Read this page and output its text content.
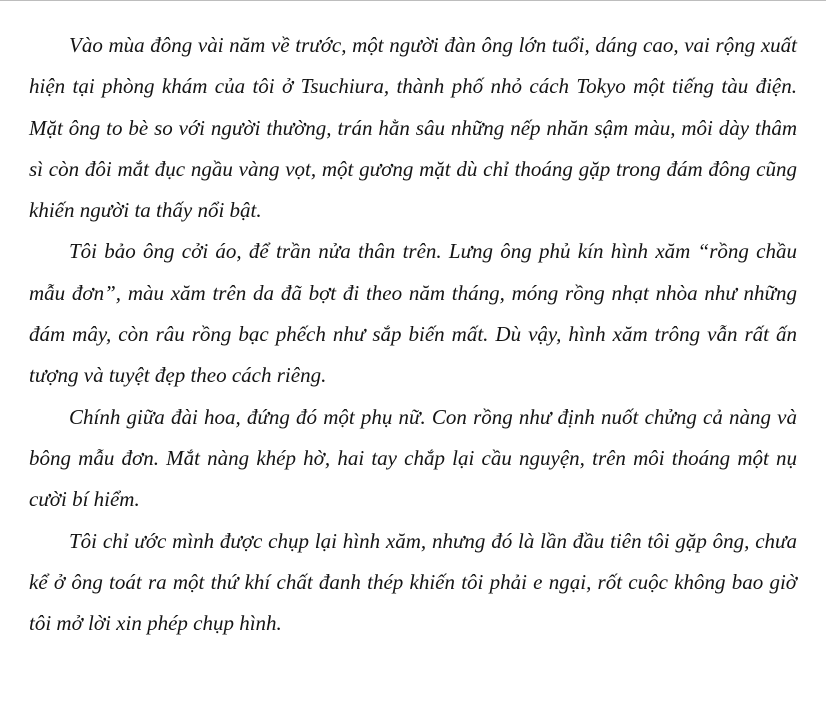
Vào mùa đông vài năm về trước, một người đàn ông lớn tuổi, dáng cao, vai rộng xuất hiện tại phòng khám của tôi ở Tsuchiura, thành phố nhỏ cách Tokyo một tiếng tàu điện. Mặt ông to bè so với người thường, trán hằn sâu những nếp nhăn sậm màu, môi dày thâm sì còn đôi mắt đục ngầu vàng vọt, một gương mặt dù chỉ thoáng gặp trong đám đông cũng khiến người ta thấy nổi bật.

Tôi bảo ông cởi áo, để trần nửa thân trên. Lưng ông phủ kín hình xăm “rồng chầu mẫu đơn”, màu xăm trên da đã bợt đi theo năm tháng, móng rồng nhạt nhòa như những đám mây, còn râu rồng bạc phếch như sắp biến mất. Dù vậy, hình xăm trông vẫn rất ấn tượng và tuyệt đẹp theo cách riêng.

Chính giữa đài hoa, đứng đó một phụ nữ. Con rồng như định nuốt chửng cả nàng và bông mẫu đơn. Mắt nàng khép hờ, hai tay chắp lại cầu nguyện, trên môi thoáng một nụ cười bí hiểm.

Tôi chỉ ước mình được chụp lại hình xăm, nhưng đó là lần đầu tiên tôi gặp ông, chưa kể ở ông toát ra một thứ khí chất đanh thép khiến tôi phải e ngại, rốt cuộc không bao giờ tôi mở lời xin phép chụp hình.
